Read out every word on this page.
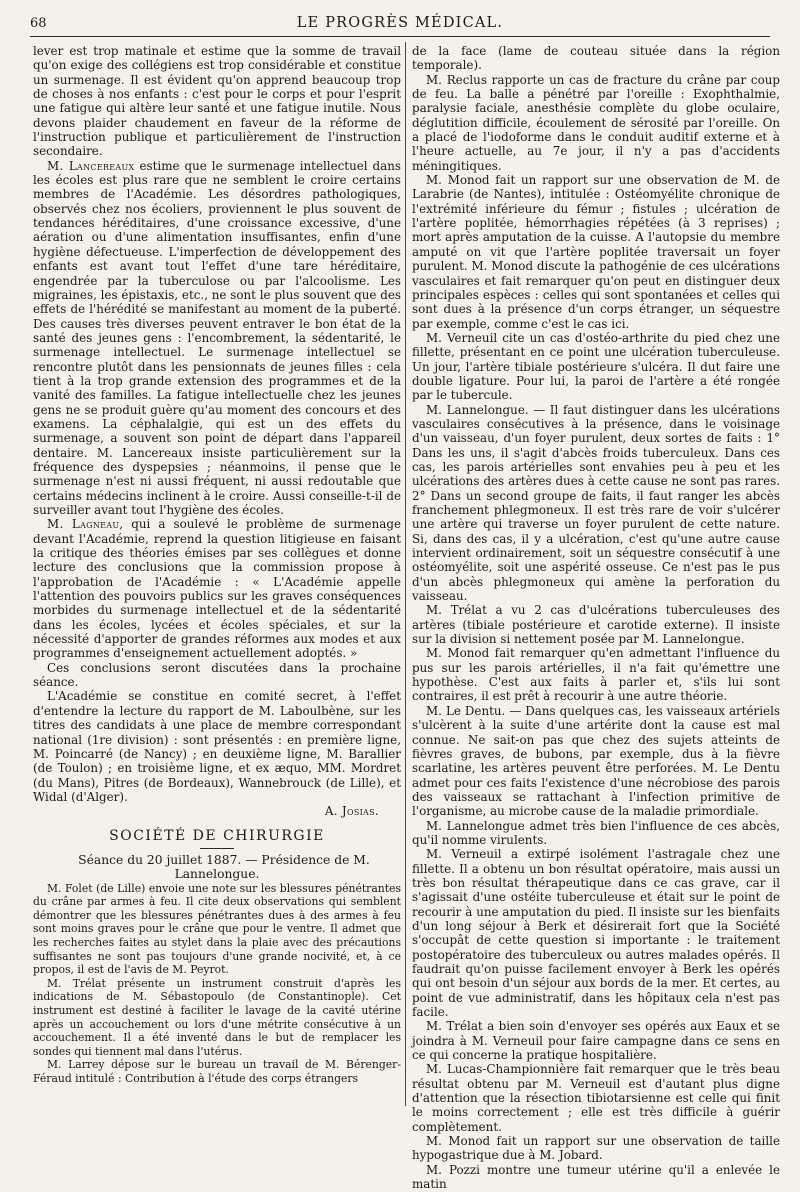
68	LE PROGRÈS MÉDICAL.

lever est trop matinale et estime que la somme de travail qu'on exige des collégiens est trop considérable et constitue un surmenage. Il est évident qu'on apprend beaucoup trop de choses à nos enfants : c'est pour le corps et pour l'esprit une fatigue qui altère leur santé et une fatigue inutile. Nous devons plaider chaudement en faveur de la réforme de l'instruction publique et particulièrement de l'instruction secondaire.

M. Lancereaux estime que le surmenage intellectuel dans les écoles est plus rare que ne semblent le croire certains membres de l'Académie. Les désordres pathologiques, observés chez nos écoliers, proviennent le plus souvent de tendances héréditaires, d'une croissance excessive, d'une aération ou d'une alimentation insuffisantes, enfin d'une hygiène défectueuse. L'imperfection de développement des enfants est avant tout l'effet d'une tare héréditaire, engendrée par la tuberculose ou par l'alcoolisme. Les migraines, les épistaxis, etc., ne sont le plus souvent que des effets de l'hérédité se manifestant au moment de la puberté. Des causes très diverses peuvent entraver le bon état de la santé des jeunes gens : l'encombrement, la sédentarité, le surmenage intellectuel. Le surmenage intellectuel se rencontre plutôt dans les pensionnats de jeunes filles : cela tient à la trop grande extension des programmes et de la vanité des familles. La fatigue intellectuelle chez les jeunes gens ne se produit guère qu'au moment des concours et des examens. La céphalalgie, qui est un des effets du surmenage, a souvent son point de départ dans l'appareil dentaire. M. Lancereaux insiste particulièrement sur la fréquence des dyspepsies ; néanmoins, il pense que le surmenage n'est ni aussi fréquent, ni aussi redoutable que certains médecins inclinent à le croire. Aussi conseille-t-il de surveiller avant tout l'hygiène des écoles.

M. Lagneau, qui a soulevé le problème de surmenage devant l'Académie, reprend la question litigieuse en faisant la critique des théories émises par ses collègues et donne lecture des conclusions que la commission propose à l'approbation de l'Académie : « L'Académie appelle l'attention des pouvoirs publics sur les graves conséquences morbides du surmenage intellectuel et de la sédentarité dans les écoles, lycées et écoles spéciales, et sur la nécessité d'apporter de grandes réformes aux modes et aux programmes d'enseignement actuellement adoptés. »

Ces conclusions seront discutées dans la prochaine séance.

L'Académie se constitue en comité secret, à l'effet d'entendre la lecture du rapport de M. Laboulbène, sur les titres des candidats à une place de membre correspondant national (1re division) : sont présentés : en première ligne, M. Poincarré (de Nancy) ; en deuxième ligne, M. Barallier (de Toulon) ; en troisième ligne, et ex æquo, MM. Mordret (du Mans), Pitres (de Bordeaux), Wannebrouck (de Lille), et Widal (d'Alger).

A. Josias.

SOCIÉTÉ DE CHIRURGIE

Séance du 20 juillet 1887. — Présidence de M. Lannelongue.

M. Folet (de Lille) envoie une note sur les blessures pénétrantes du crâne par armes à feu. Il cite deux observations qui semblent démontrer que les blessures pénétrantes dues à des armes à feu sont moins graves pour le crâne que pour le ventre. Il admet que les recherches faites au stylet dans la plaie avec des précautions suffisantes ne sont pas toujours d'une grande nocivité, et, à ce propos, il est de l'avis de M. Peyrot.

M. Trélat présente un instrument construit d'après les indications de M. Sébastopoulo (de Constantinople). Cet instrument est destiné à faciliter le lavage de la cavité utérine après un accouchement ou lors d'une métrite consécutive à un accouchement. Il a été inventé dans le but de remplacer les sondes qui tiennent mal dans l'utérus.

M. Larrey dépose sur le bureau un travail de M. Bérenger-Féraud intitulé : Contribution à l'étude des corps étrangers

de la face (lame de couteau située dans la région temporale).

M. Reclus rapporte un cas de fracture du crâne par coup de feu. La balle a pénétré par l'oreille : Exophthalmie, paralysie faciale, anesthésie complète du globe oculaire, déglutition difficile, écoulement de sérosité par l'oreille. On a placé de l'iodoforme dans le conduit auditif externe et à l'heure actuelle, au 7e jour, il n'y a pas d'accidents méningitiques.

M. Monod fait un rapport sur une observation de M. de Larabrie (de Nantes), intitulée : Ostéomyélite chronique de l'extrémité inférieure du fémur ; fistules ; ulcération de l'artère poplitée, hémorrhagies répétées (à 3 reprises) ; mort après amputation de la cuisse. A l'autopsie du membre amputé on vit que l'artère poplitée traversait un foyer purulent. M. Monod discute la pathogénie de ces ulcérations vasculaires et fait remarquer qu'on peut en distinguer deux principales espèces : celles qui sont spontanées et celles qui sont dues à la présence d'un corps étranger, un séquestre par exemple, comme c'est le cas ici.

M. Verneuil cite un cas d'ostéo-arthrite du pied chez une fillette, présentant en ce point une ulcération tuberculeuse. Un jour, l'artère tibiale postérieure s'ulcéra. Il dut faire une double ligature. Pour lui, la paroi de l'artère a été rongée par le tubercule.

M. Lannelongue. — Il faut distinguer dans les ulcérations vasculaires consécutives à la présence, dans le voisinage d'un vaisseau, d'un foyer purulent, deux sortes de faits : 1° Dans les uns, il s'agit d'abcès froids tuberculeux. Dans ces cas, les parois artérielles sont envahies peu à peu et les ulcérations des artères dues à cette cause ne sont pas rares. 2° Dans un second groupe de faits, il faut ranger les abcès franchement phlegmoneux. Il est très rare de voir s'ulcérer une artère qui traverse un foyer purulent de cette nature. Si, dans des cas, il y a ulcération, c'est qu'une autre cause intervient ordinairement, soit un séquestre consécutif à une ostéomyélite, soit une aspérité osseuse. Ce n'est pas le pus d'un abcès phlegmoneux qui amène la perforation du vaisseau.

M. Trélat a vu 2 cas d'ulcérations tuberculeuses des artères (tibiale postérieure et carotide externe). Il insiste sur la division si nettement posée par M. Lannelongue.

M. Monod fait remarquer qu'en admettant l'influence du pus sur les parois artérielles, il n'a fait qu'émettre une hypothèse. C'est aux faits à parler et, s'ils lui sont contraires, il est prêt à recourir à une autre théorie.

M. Le Dentu. — Dans quelques cas, les vaisseaux artériels s'ulcèrent à la suite d'une artérite dont la cause est mal connue. Ne sait-on pas que chez des sujets atteints de fièvres graves, de bubons, par exemple, dus à la fièvre scarlatine, les artères peuvent être perforées. M. Le Dentu admet pour ces faits l'existence d'une nécrobiose des parois des vaisseaux se rattachant à l'infection primitive de l'organisme, au microbe cause de la maladie primordiale.

M. Lannelongue admet très bien l'influence de ces abcès, qu'il nomme virulents.

M. Verneuil a extirpé isolément l'astragale chez une fillette. Il a obtenu un bon résultat opératoire, mais aussi un très bon résultat thérapeutique dans ce cas grave, car il s'agissait d'une ostéite tuberculeuse et était sur le point de recourir à une amputation du pied. Il insiste sur les bienfaits d'un long séjour à Berk et désirerait fort que la Société s'occupât de cette question si importante : le traitement postopératoire des tuberculeux ou autres malades opérés. Il faudrait qu'on puisse facilement envoyer à Berk les opérés qui ont besoin d'un séjour aux bords de la mer. Et certes, au point de vue administratif, dans les hôpitaux cela n'est pas facile.

M. Trélat a bien soin d'envoyer ses opérés aux Eaux et se joindra à M. Verneuil pour faire campagne dans ce sens en ce qui concerne la pratique hospitalière.

M. Lucas-Championnière fait remarquer que le très beau résultat obtenu par M. Verneuil est d'autant plus digne d'attention que la résection tibiotarsienne est celle qui finit le moins correctement ; elle est très difficile à guérir complètement.

M. Monod fait un rapport sur une observation de taille hypogastrique due à M. Jobard.

M. Pozzi montre une tumeur utérine qu'il a enlevée le matin
